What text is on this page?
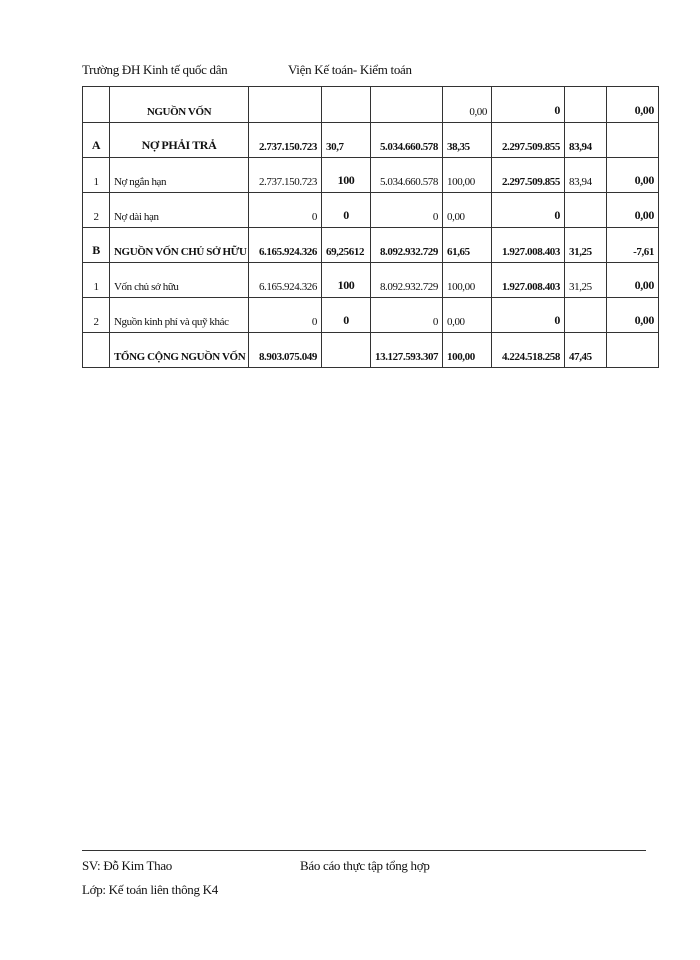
Trường ĐH Kinh tế quốc dân	Viện Kế toán- Kiểm toán
	NGUỒN VỐN				0,00	0		0,00
A	NỢ PHẢI TRẢ	2.737.150.723	30,7	5.034.660.578	38,35	2.297.509.855	83,94	
1	Nợ ngắn hạn	2.737.150.723	100	5.034.660.578	100,00	2.297.509.855	83,94	0,00
2	Nợ dài hạn	0	0	0	0,00	0		0,00
B	NGUỒN VỐN CHỦ SỞ HỮU	6.165.924.326	69,25612	8.092.932.729	61,65	1.927.008.403	31,25	-7,61
1	Vốn chủ sở hữu	6.165.924.326	100	8.092.932.729	100,00	1.927.008.403	31,25	0,00
2	Nguồn kinh phí và quỹ khác	0	0	0	0,00	0		0,00
	TỔNG CỘNG NGUỒN VỐN	8.903.075.049		13.127.593.307	100,00	4.224.518.258	47,45	
SV: Đỗ Kim Thao	Báo cáo thực tập tổng hợp
Lớp: Kế toán liên thông K4
